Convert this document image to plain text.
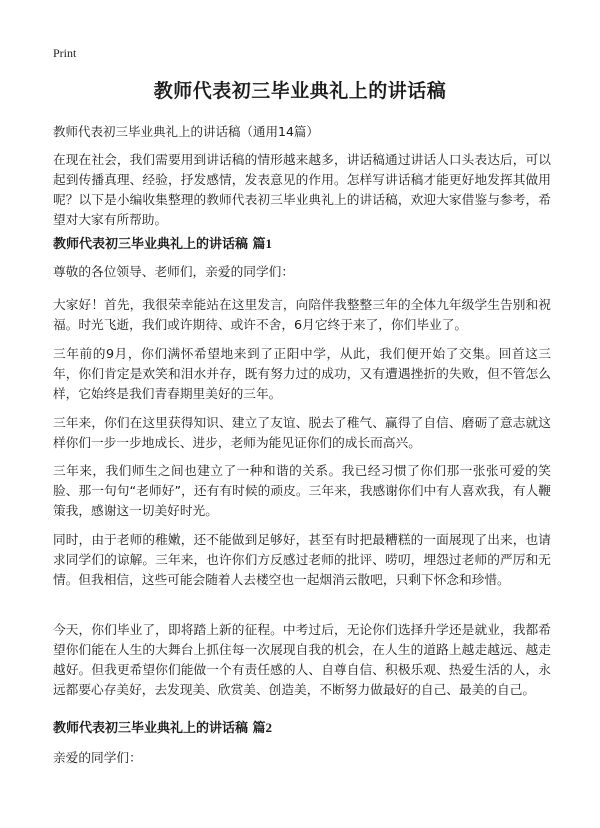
Print
教师代表初三毕业典礼上的讲话稿
教师代表初三毕业典礼上的讲话稿（通用14篇）

在现在社会，我们需要用到讲话稿的情形越来越多，讲话稿通过讲话人口头表达后，可以起到传播真理、经验，抒发感情，发表意见的作用。怎样写讲话稿才能更好地发挥其做用呢？以下是小编收集整理的教师代表初三毕业典礼上的讲话稿，欢迎大家借鉴与参考，希望对大家有所帮助。

教师代表初三毕业典礼上的讲话稿 篇1

尊敬的各位领导、老师们，亲爱的同学们：

大家好！首先，我很荣幸能站在这里发言，向陪伴我整整三年的全体九年级学生告别和祝福。时光飞逝，我们或许期待、或许不舍，6月它终于来了，你们毕业了。

三年前的9月，你们满怀希望地来到了正阳中学，从此，我们便开始了交集。回首这三年，你们肯定是欢笑和泪水并存，既有努力过的成功，又有遭遇挫折的失败，但不管怎么样，它始终是我们青春期里美好的三年。

三年来，你们在这里获得知识、建立了友谊、脱去了稚气、赢得了自信、磨砺了意志就这样你们一步一步地成长、进步，老师为能见证你们的成长而高兴。

三年来，我们师生之间也建立了一种和谐的关系。我已经习惯了你们那一张张可爱的笑脸、那一句句“老师好”，还有有时候的顽皮。三年来，我感谢你们中有人喜欢我，有人鞭策我，感谢这一切美好时光。

同时，由于老师的稚嫩，还不能做到足够好，甚至有时把最糟糕的一面展现了出来，也请求同学们的谅解。三年来，也许你们方反感过老师的批评、唠叨，埋怨过老师的严厉和无情。但我相信，这些可能会随着人去楼空也一起烟消云散吧，只剩下怀念和珍惜。

今天，你们毕业了，即将踏上新的征程。中考过后，无论你们选择升学还是就业，我都希望你们能在人生的大舞台上抓住每一次展现自我的机会，在人生的道路上越走越远、越走越好。但我更希望你们能做一个有责任感的人、自尊自信、积极乐观、热爱生活的人，永远都要心存美好，去发现美、欣赏美、创造美，不断努力做最好的自己、最美的自己。

教师代表初三毕业典礼上的讲话稿 篇2

亲爱的同学们：
